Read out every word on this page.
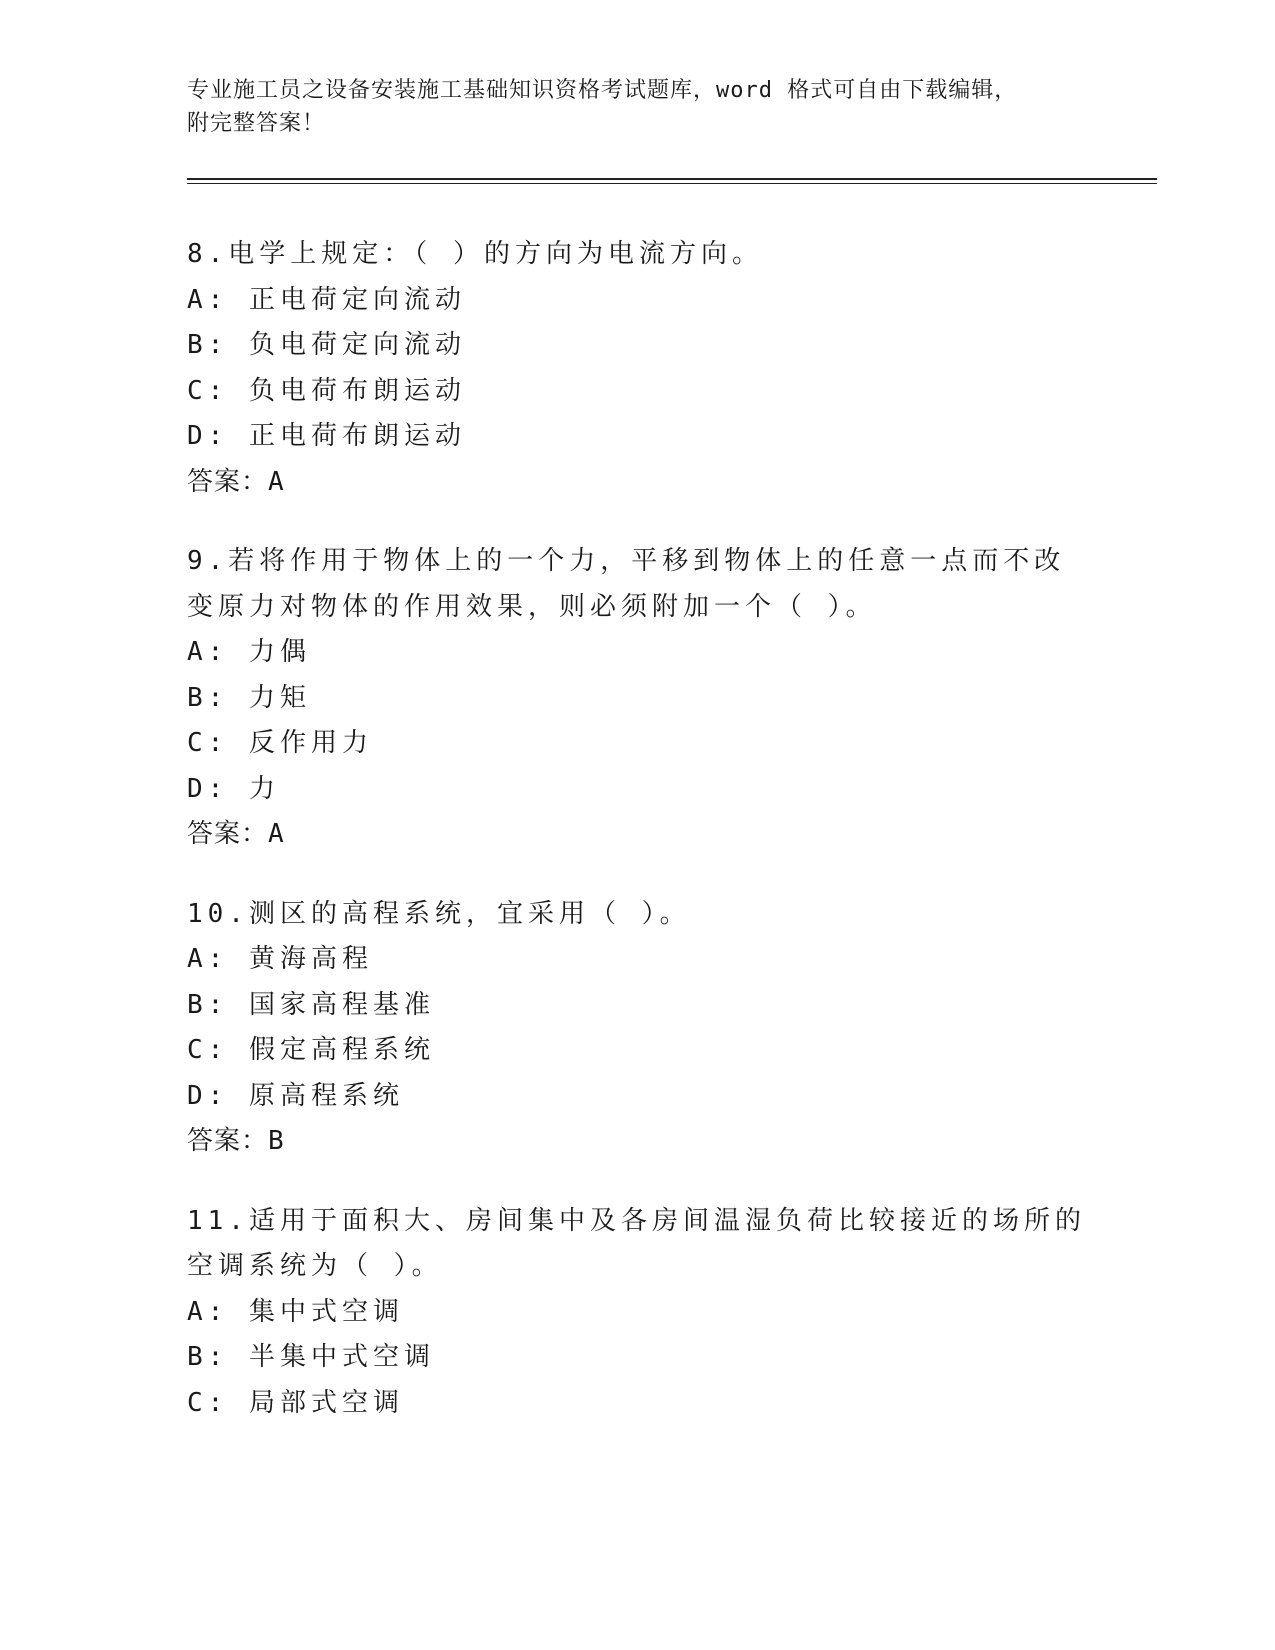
专业施工员之设备安装施工基础知识资格考试题库，word 格式可自由下载编辑，
附完整答案！
8.电学上规定：（ ）的方向为电流方向。
A: 正电荷定向流动
B: 负电荷定向流动
C: 负电荷布朗运动
D: 正电荷布朗运动
答案：A
9.若将作用于物体上的一个力，平移到物体上的任意一点而不改变原力对物体的作用效果，则必须附加一个（ ）。
A: 力偶
B: 力矩
C: 反作用力
D: 力
答案：A
10.测区的高程系统，宜采用（ ）。
A: 黄海高程
B: 国家高程基准
C: 假定高程系统
D: 原高程系统
答案：B
11.适用于面积大、房间集中及各房间温湿负荷比较接近的场所的空调系统为（ ）。
A: 集中式空调
B: 半集中式空调
C: 局部式空调
